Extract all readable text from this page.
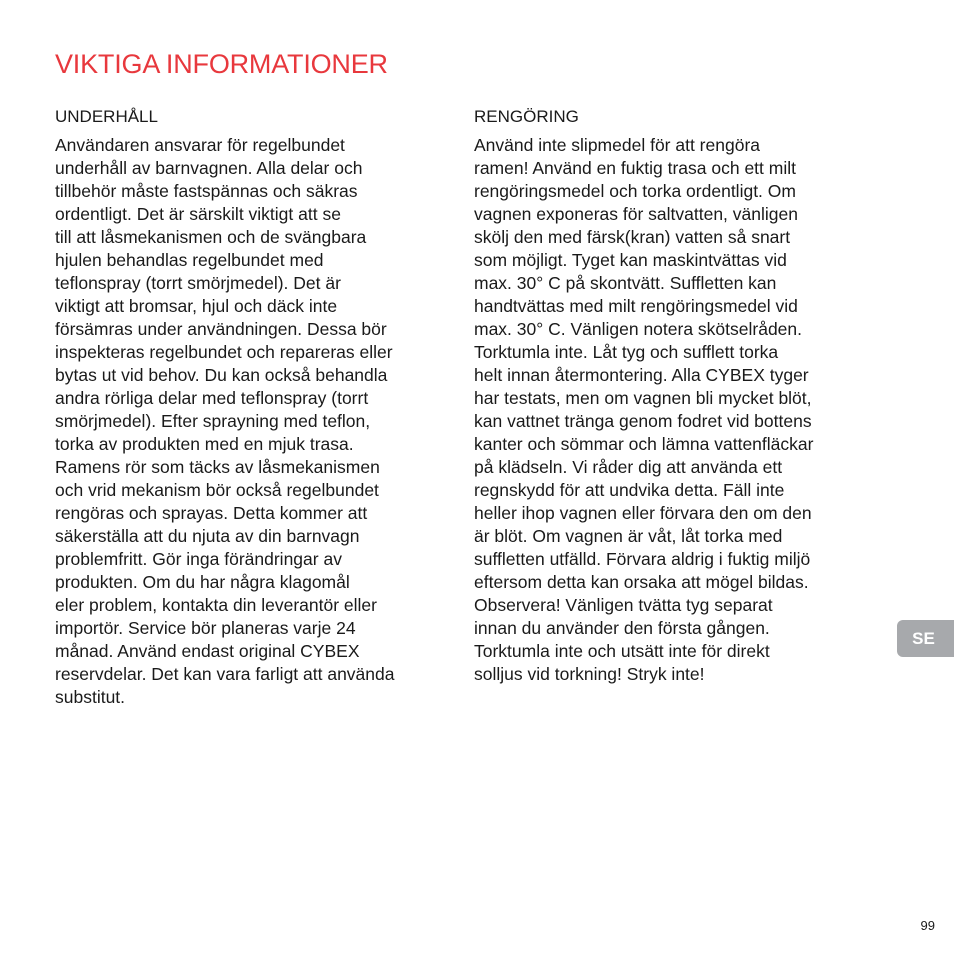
VIKTIGA INFORMATIONER
UNDERHÅLL
Användaren ansvarar för regelbundet
underhåll av barnvagnen. Alla delar och
tillbehör måste fastspännas och säkras
ordentligt. Det är särskilt viktigt att se
till att låsmekanismen och de svängbara
hjulen behandlas regelbundet med
teflonspray (torrt smörjmedel). Det är
viktigt att bromsar, hjul och däck inte
försämras under användningen. Dessa bör
inspekteras regelbundet och repareras eller
bytas ut vid behov. Du kan också behandla
andra rörliga delar med teflonspray (torrt
smörjmedel). Efter sprayning med teflon,
torka av produkten med en mjuk trasa.
Ramens rör som täcks av låsmekanismen
och vrid mekanism bör också regelbundet
rengöras och sprayas. Detta kommer att
säkerställa att du njuta av din barnvagn
problemfritt. Gör inga förändringar av
produkten. Om du har några klagomål
eler problem, kontakta din leverantör eller
importör. Service bör planeras varje 24
månad. Använd endast original CYBEX
reservdelar. Det kan vara farligt att använda
substitut.
RENGÖRING
Använd inte slipmedel för att rengöra
ramen! Använd en fuktig trasa och ett milt
rengöringsmedel och torka ordentligt. Om
vagnen exponeras för saltvatten, vänligen
skölj den med färsk(kran) vatten så snart
som möjligt. Tyget kan maskintvättas vid
max. 30° C på skontvätt. Suffletten kan
handtvättas med milt rengöringsmedel vid
max. 30° C. Vänligen notera skötselråden.
Torktumla inte. Låt tyg och sufflett torka
helt innan återmontering. Alla CYBEX tyger
har testats, men om vagnen bli mycket blöt,
kan vattnet tränga genom fodret vid bottens
kanter och sömmar och lämna vattenfläckar
på klädseln. Vi råder dig att använda ett
regnskydd för att undvika detta. Fäll inte
heller ihop vagnen eller förvara den om den
är blöt. Om vagnen är våt, låt torka med
suffletten utfälld. Förvara aldrig i fuktig miljö
eftersom detta kan orsaka att mögel bildas.
Observera! Vänligen tvätta tyg separat
innan du använder den första gången.
Torktumla inte och utsätt inte för direkt
solljus vid torkning! Stryk inte!
SE
99
